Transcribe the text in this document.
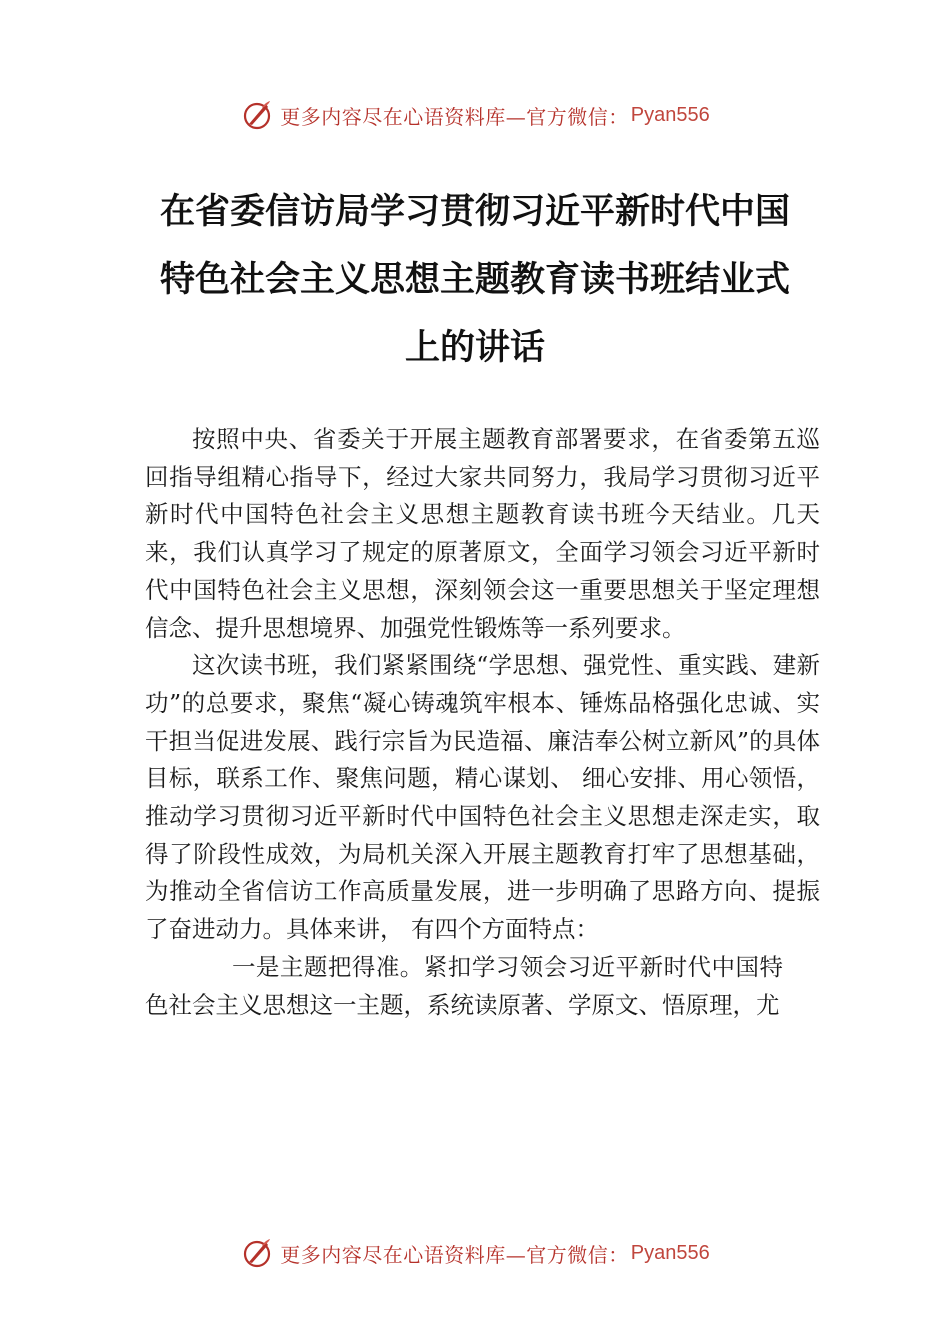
更多内容尽在心语资料库—官方微信： Pyan556
在省委信访局学习贯彻习近平新时代中国
特色社会主义思想主题教育读书班结业式
上的讲话

按照中央、省委关于开展主题教育部署要求，在省委第五巡回指导组精心指导下，经过大家共同努力，我局学习贯彻习近平新时代中国特色社会主义思想主题教育读书班今天结业。几天来，我们认真学习了规定的原著原文，全面学习领会习近平新时代中国特色社会主义思想，深刻领会这一重要思想关于坚定理想信念、提升思想境界、加强党性锻炼等一系列要求。

这次读书班，我们紧紧围绕“学思想、强党性、重实践、建新功”的总要求，聚焦“凝心铸魂筑牢根本、锤炼品格强化忠诚、实干担当促进发展、践行宗旨为民造福、廉洁奉公树立新风”的具体目标，联系工作、聚焦问题，精心谋划、 细心安排、用心领悟，推动学习贯彻习近平新时代中国特色社会主义思想走深走实，取得了阶段性成效，为局机关深入开展主题教育打牢了思想基础，为推动全省信访工作高质量发展，进一步明确了思路方向、提振了奋进动力。具体来讲， 有四个方面特点：

一是主题把得准。紧扣学习领会习近平新时代中国特色社会主义思想这一主题，系统读原著、学原文、悟原理，尤

更多内容尽在心语资料库—官方微信： Pyan556
